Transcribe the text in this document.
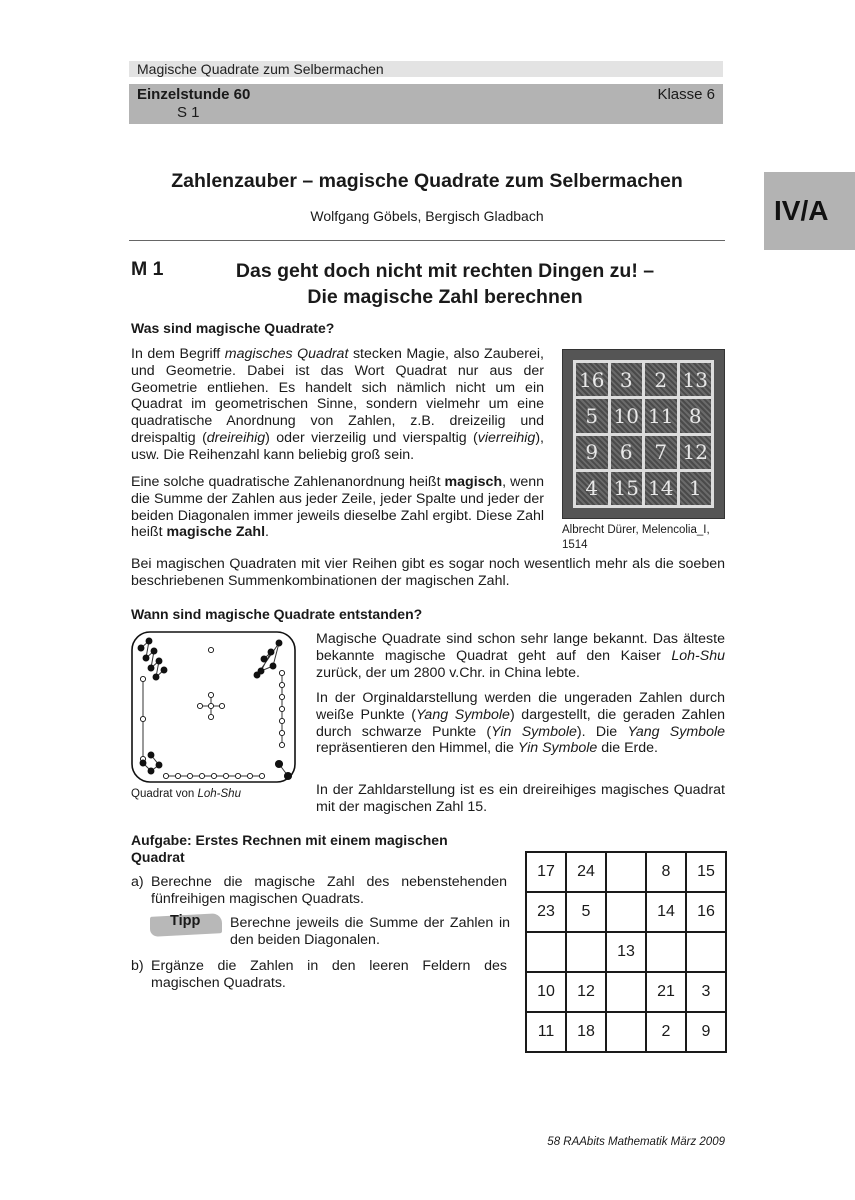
Magische Quadrate zum Selbermachen
Einzelstunde 60
S 1
Klasse 6
IV/A
Zahlenzauber – magische Quadrate zum Selbermachen
Wolfgang Göbels, Bergisch Gladbach
M 1	Das geht doch nicht mit rechten Dingen zu! –
Die magische Zahl berechnen
Was sind magische Quadrate?

In dem Begriff magisches Quadrat stecken Magie, also Zauberei, und Geometrie. Dabei ist das Wort Quadrat nur aus der Geometrie entliehen. Es handelt sich nämlich nicht um ein Quadrat im geometrischen Sinne, sondern vielmehr um eine quadratische Anordnung von Zahlen, z.B. dreizeilig und dreispaltig (dreireihig) oder vierzeilig und vierspaltig (vierreihig), usw. Die Reihenzahl kann beliebig groß sein.

Eine solche quadratische Zahlenanordnung heißt magisch, wenn die Summe der Zahlen aus jeder Zeile, jeder Spalte und jeder der beiden Diagonalen immer jeweils dieselbe Zahl ergibt. Diese Zahl heißt magische Zahl.

16 3	2 13
5 10 11 8
9	6	7 12
4 15 14 1
Albrecht Dürer, Melencolia_I,
1514

Bei magischen Quadraten mit vier Reihen gibt es sogar noch wesentlich mehr als die soeben beschriebenen Summenkombinationen der magischen Zahl.

Wann sind magische Quadrate entstanden?
Quadrat von Loh-Shu

Magische Quadrate sind schon sehr lange bekannt. Das älteste bekannte magische Quadrat geht auf den Kaiser Loh-Shu zurück, der um 2800 v.Chr. in China lebte.

In der Orginaldarstellung werden die ungeraden Zahlen durch weiße Punkte (Yang Symbole) dargestellt, die geraden Zahlen durch schwarze Punkte (Yin Symbole). Die Yang Symbole repräsentieren den Himmel, die Yin Symbole die Erde.

In der Zahldarstellung ist es ein dreireihiges magisches Quadrat mit der magischen Zahl 15.

Aufgabe: Erstes Rechnen mit einem magischen Quadrat
a) Berechne die magische Zahl des nebenstehenden fünfreihigen magischen Quadrats.
Tipp Berechne jeweils die Summe der Zahlen in den beiden Diagonalen.
b) Ergänze die Zahlen in den leeren Feldern des magischen Quadrats.
17	24		8	15
23	5		14	16
		13		
10	12		21	3
11	18		2	9
58 RAAbits Mathematik März 2009
